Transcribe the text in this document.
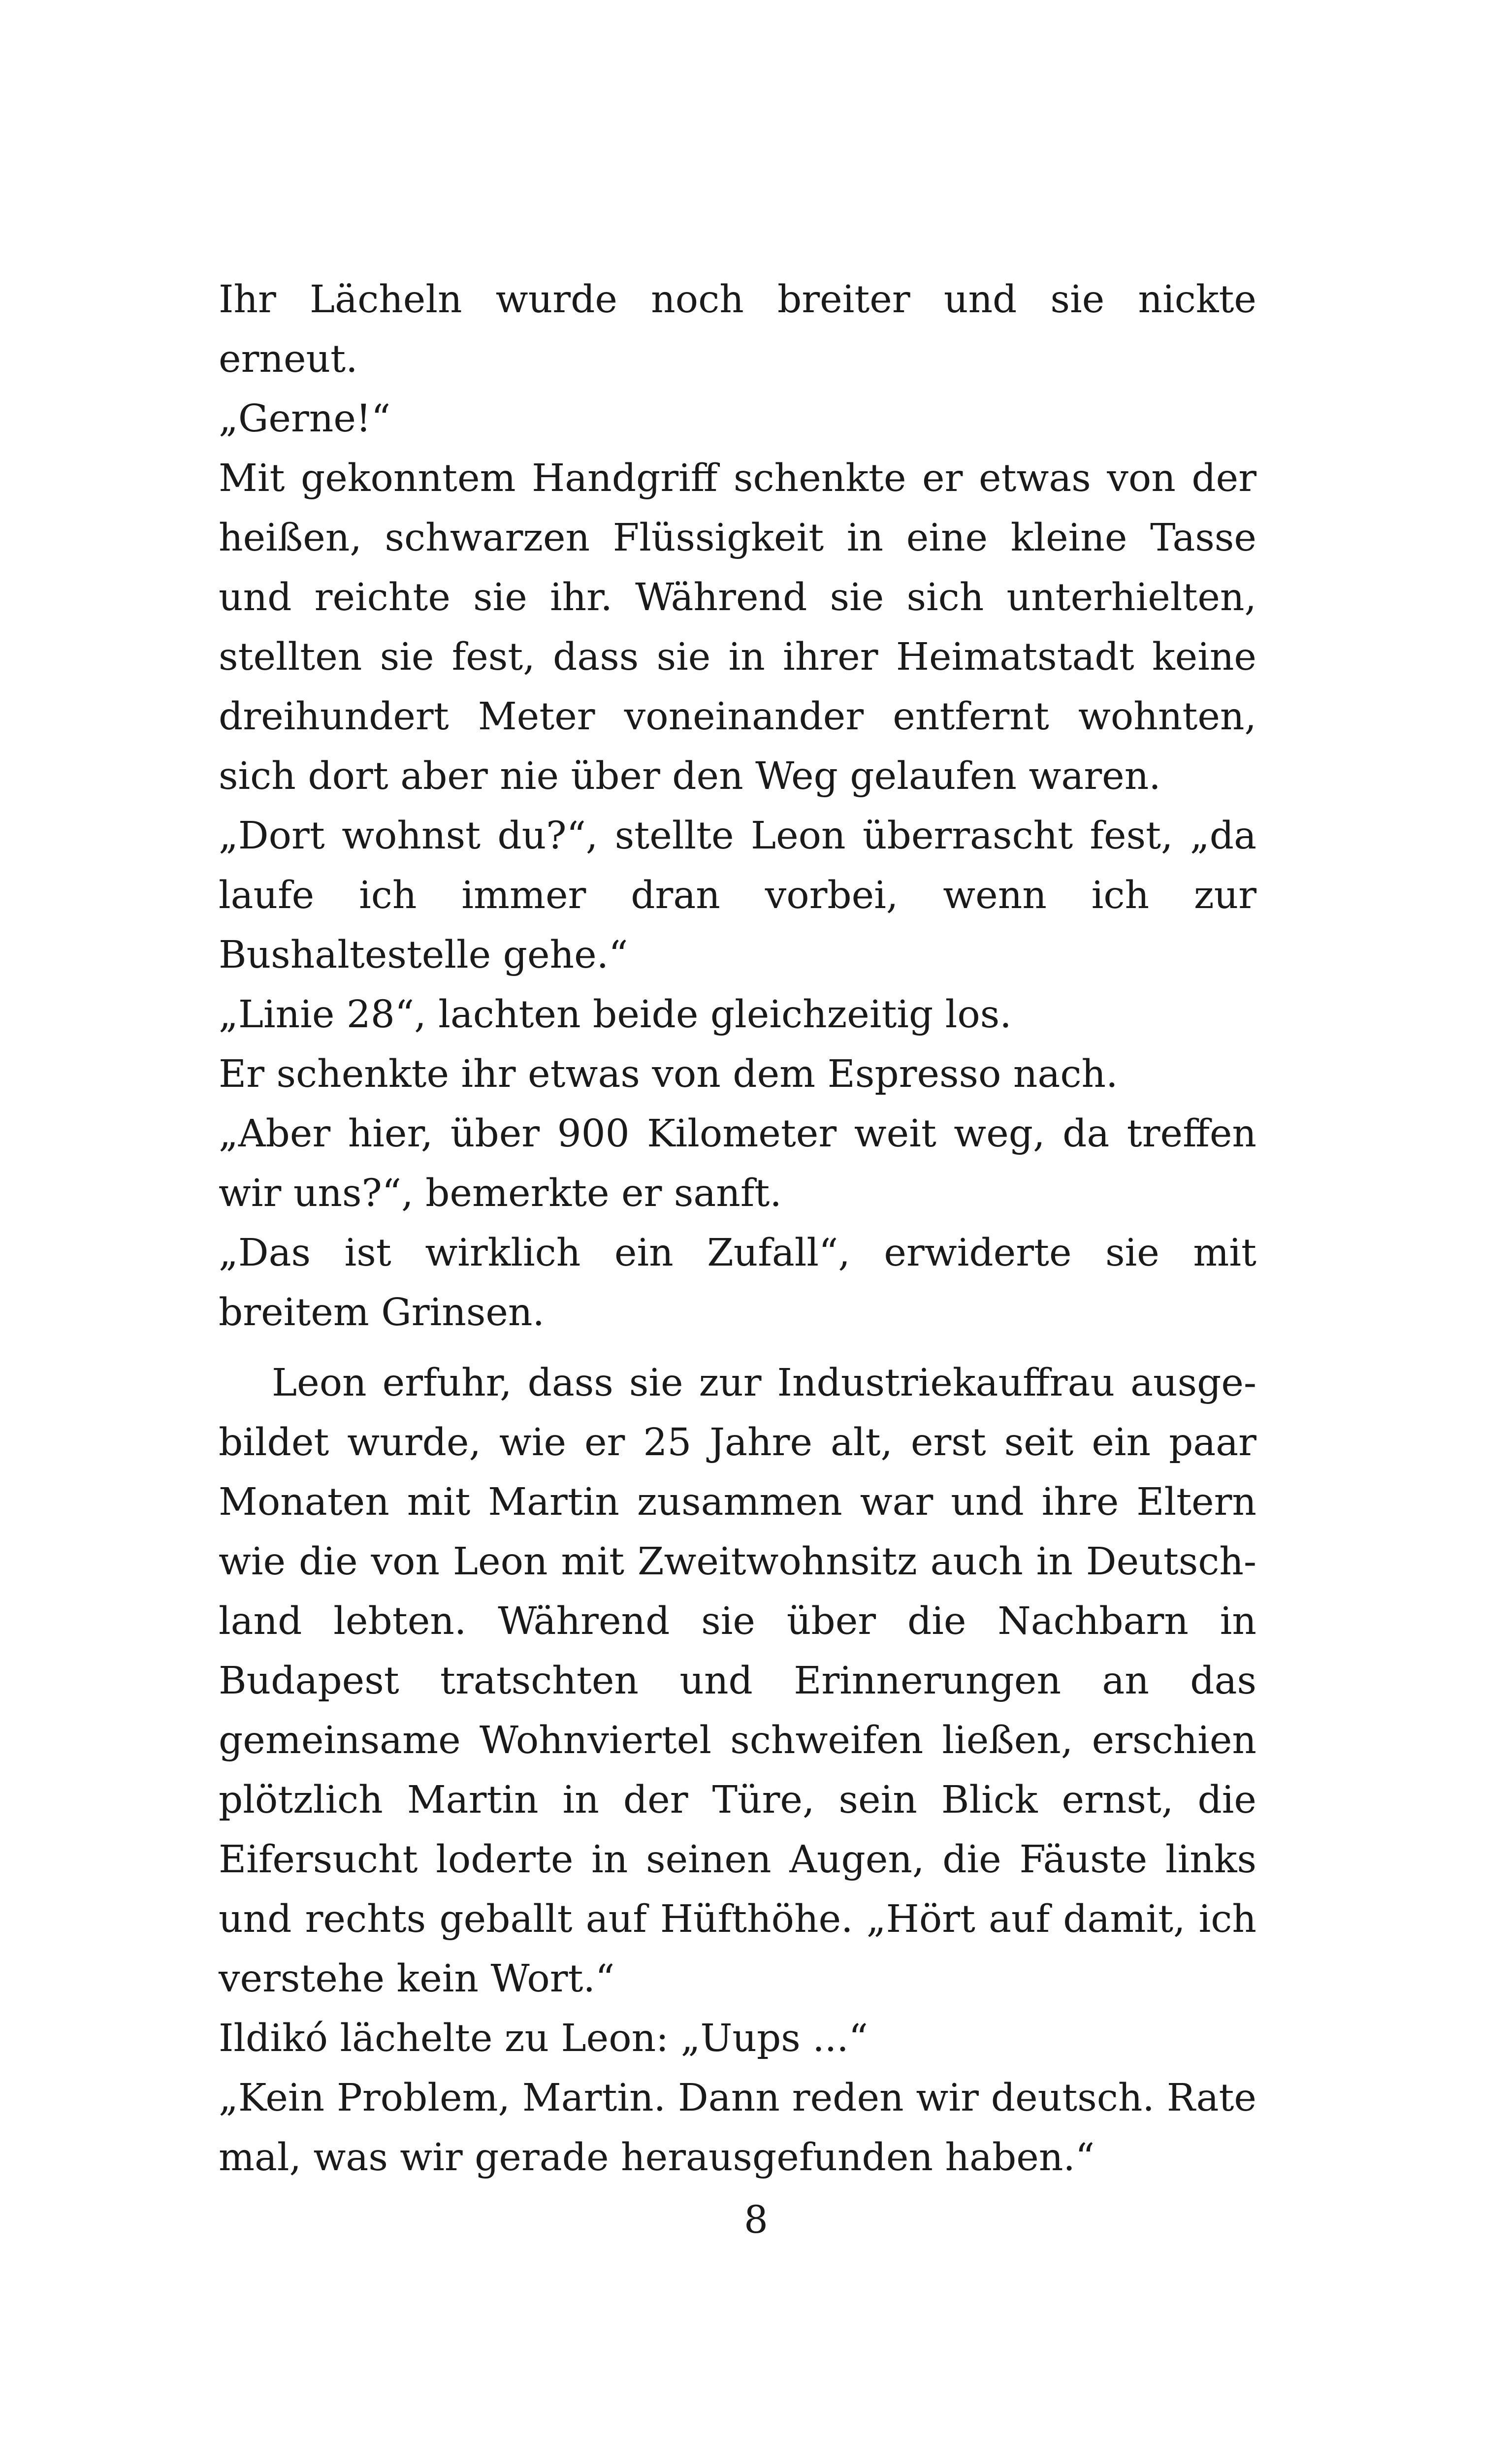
Ihr Lächeln wurde noch breiter und sie nickte erneut.

„Gerne!“

Mit gekonntem Handgriff schenkte er etwas von der heißen, schwarzen Flüssigkeit in eine kleine Tasse und reichte sie ihr. Während sie sich unterhielten, stellten sie fest, dass sie in ihrer Heimatstadt keine dreihundert Meter voneinander entfernt wohnten, sich dort aber nie über den Weg gelaufen waren.

„Dort wohnst du?“, stellte Leon überrascht fest, „da laufe ich immer dran vorbei, wenn ich zur Bushaltestelle gehe.“

„Linie 28“, lachten beide gleichzeitig los.

Er schenkte ihr etwas von dem Espresso nach.

„Aber hier, über 900 Kilometer weit weg, da treffen wir uns?“, bemerkte er sanft.

„Das ist wirklich ein Zufall“, erwiderte sie mit breitem Grinsen.

Leon erfuhr, dass sie zur Industriekauffrau ausgebildet wurde, wie er 25 Jahre alt, erst seit ein paar Monaten mit Martin zusammen war und ihre Eltern wie die von Leon mit Zweitwohnsitz auch in Deutschland lebten. Während sie über die Nachbarn in Budapest tratschten und Erinnerungen an das gemeinsame Wohnviertel schweifen ließen, erschien plötzlich Martin in der Türe, sein Blick ernst, die Eifersucht loderte in seinen Augen, die Fäuste links und rechts geballt auf Hüfthöhe. „Hört auf damit, ich verstehe kein Wort.“

Ildikó lächelte zu Leon: „Uups ...“

„Kein Problem, Martin. Dann reden wir deutsch. Rate mal, was wir gerade herausgefunden haben.“

8
